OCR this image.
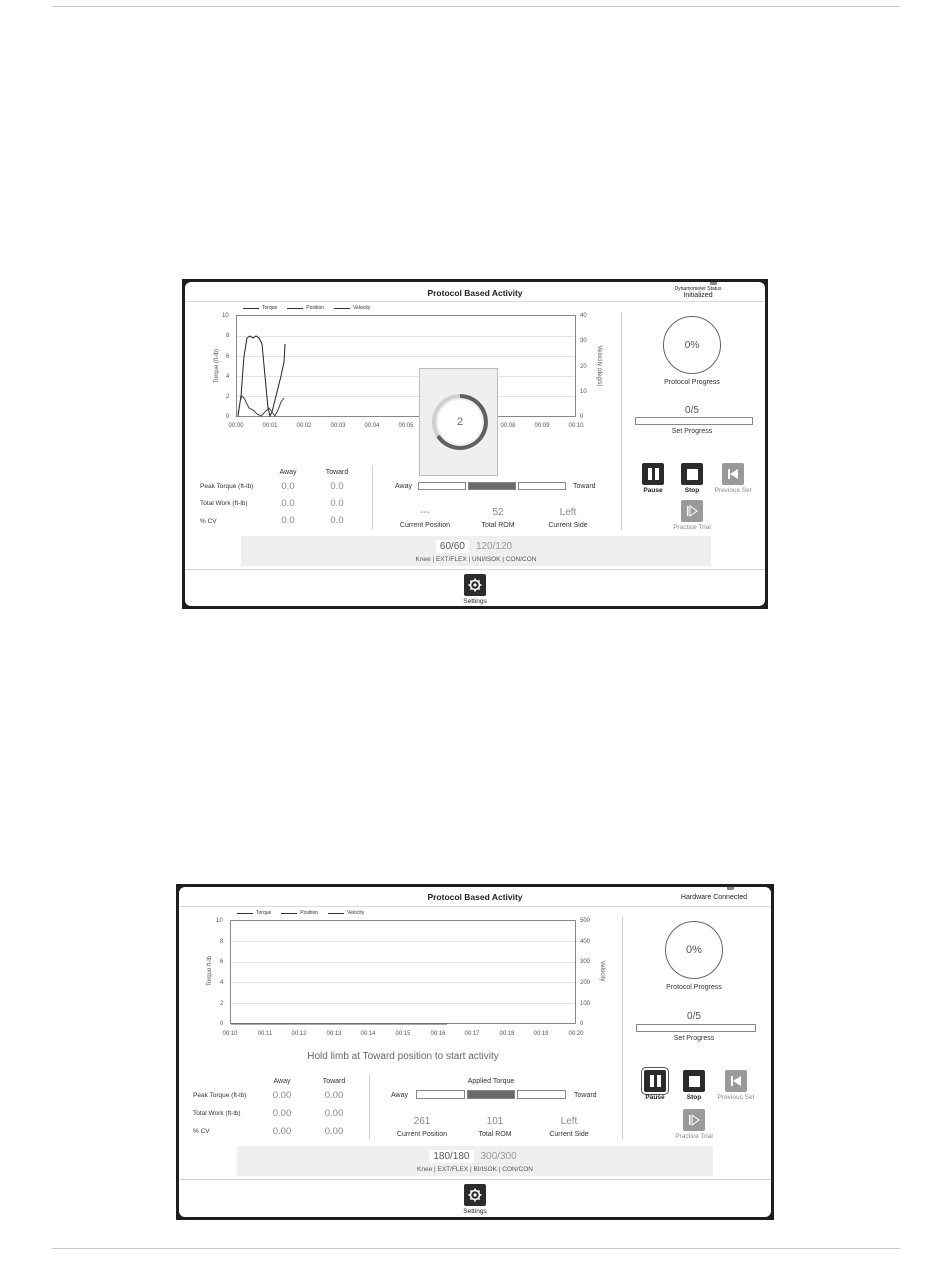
Protocol Based Activity	Dynamometer Status
Initialized
Torque	Position	Velocity
10
8
6
4
2
0
Torque (ft-lb)
40
30
20
10
0
Velocity (deg/s)
00:00	00:01	00:02	00:03	00:04	00:05	00:08	00:09	00:10
0%
Protocol Progress
0/5
Set Progress
Pause	Stop Previous Set
Practice Trial
Away	Toward
Peak Torque (ft-lb)	0.0	0.0
Total Work (ft-lb)	0.0	0.0
% CV	0.0	0.0
Away	Toward
---
Current Position
52
Total ROM
Left
Current Side
2
60/60	120/120
Knee | EXT/FLEX | UNI/ISOK | CON/CON
Settings
Protocol Based Activity	Hardware Connected
Torque	Position	Velocity
10
8
6
4
2
0
Torque ft-lb
500
400
300
200
100
0
Velocity
00:10	00:11	00:12	00:13	00:14	00:15	00:16	00:17	00:18	00:19	00:20
Hold limb at Toward position to start activity
0%
Protocol Progress
0/5
Set Progress
Pause	Stop	Previous Set
Practice Trial
Away	Toward
Peak Torque (ft-lb)	0.00	0.00
Total Work (ft-lb)	0.00	0.00
% CV	0.00	0.00
Applied Torque
Away	Toward
261
Current Position
101
Total ROM
Left
Current Side
180/180	300/300
Knee | EXT/FLEX | BI/ISOK | CON/CON
Settings
